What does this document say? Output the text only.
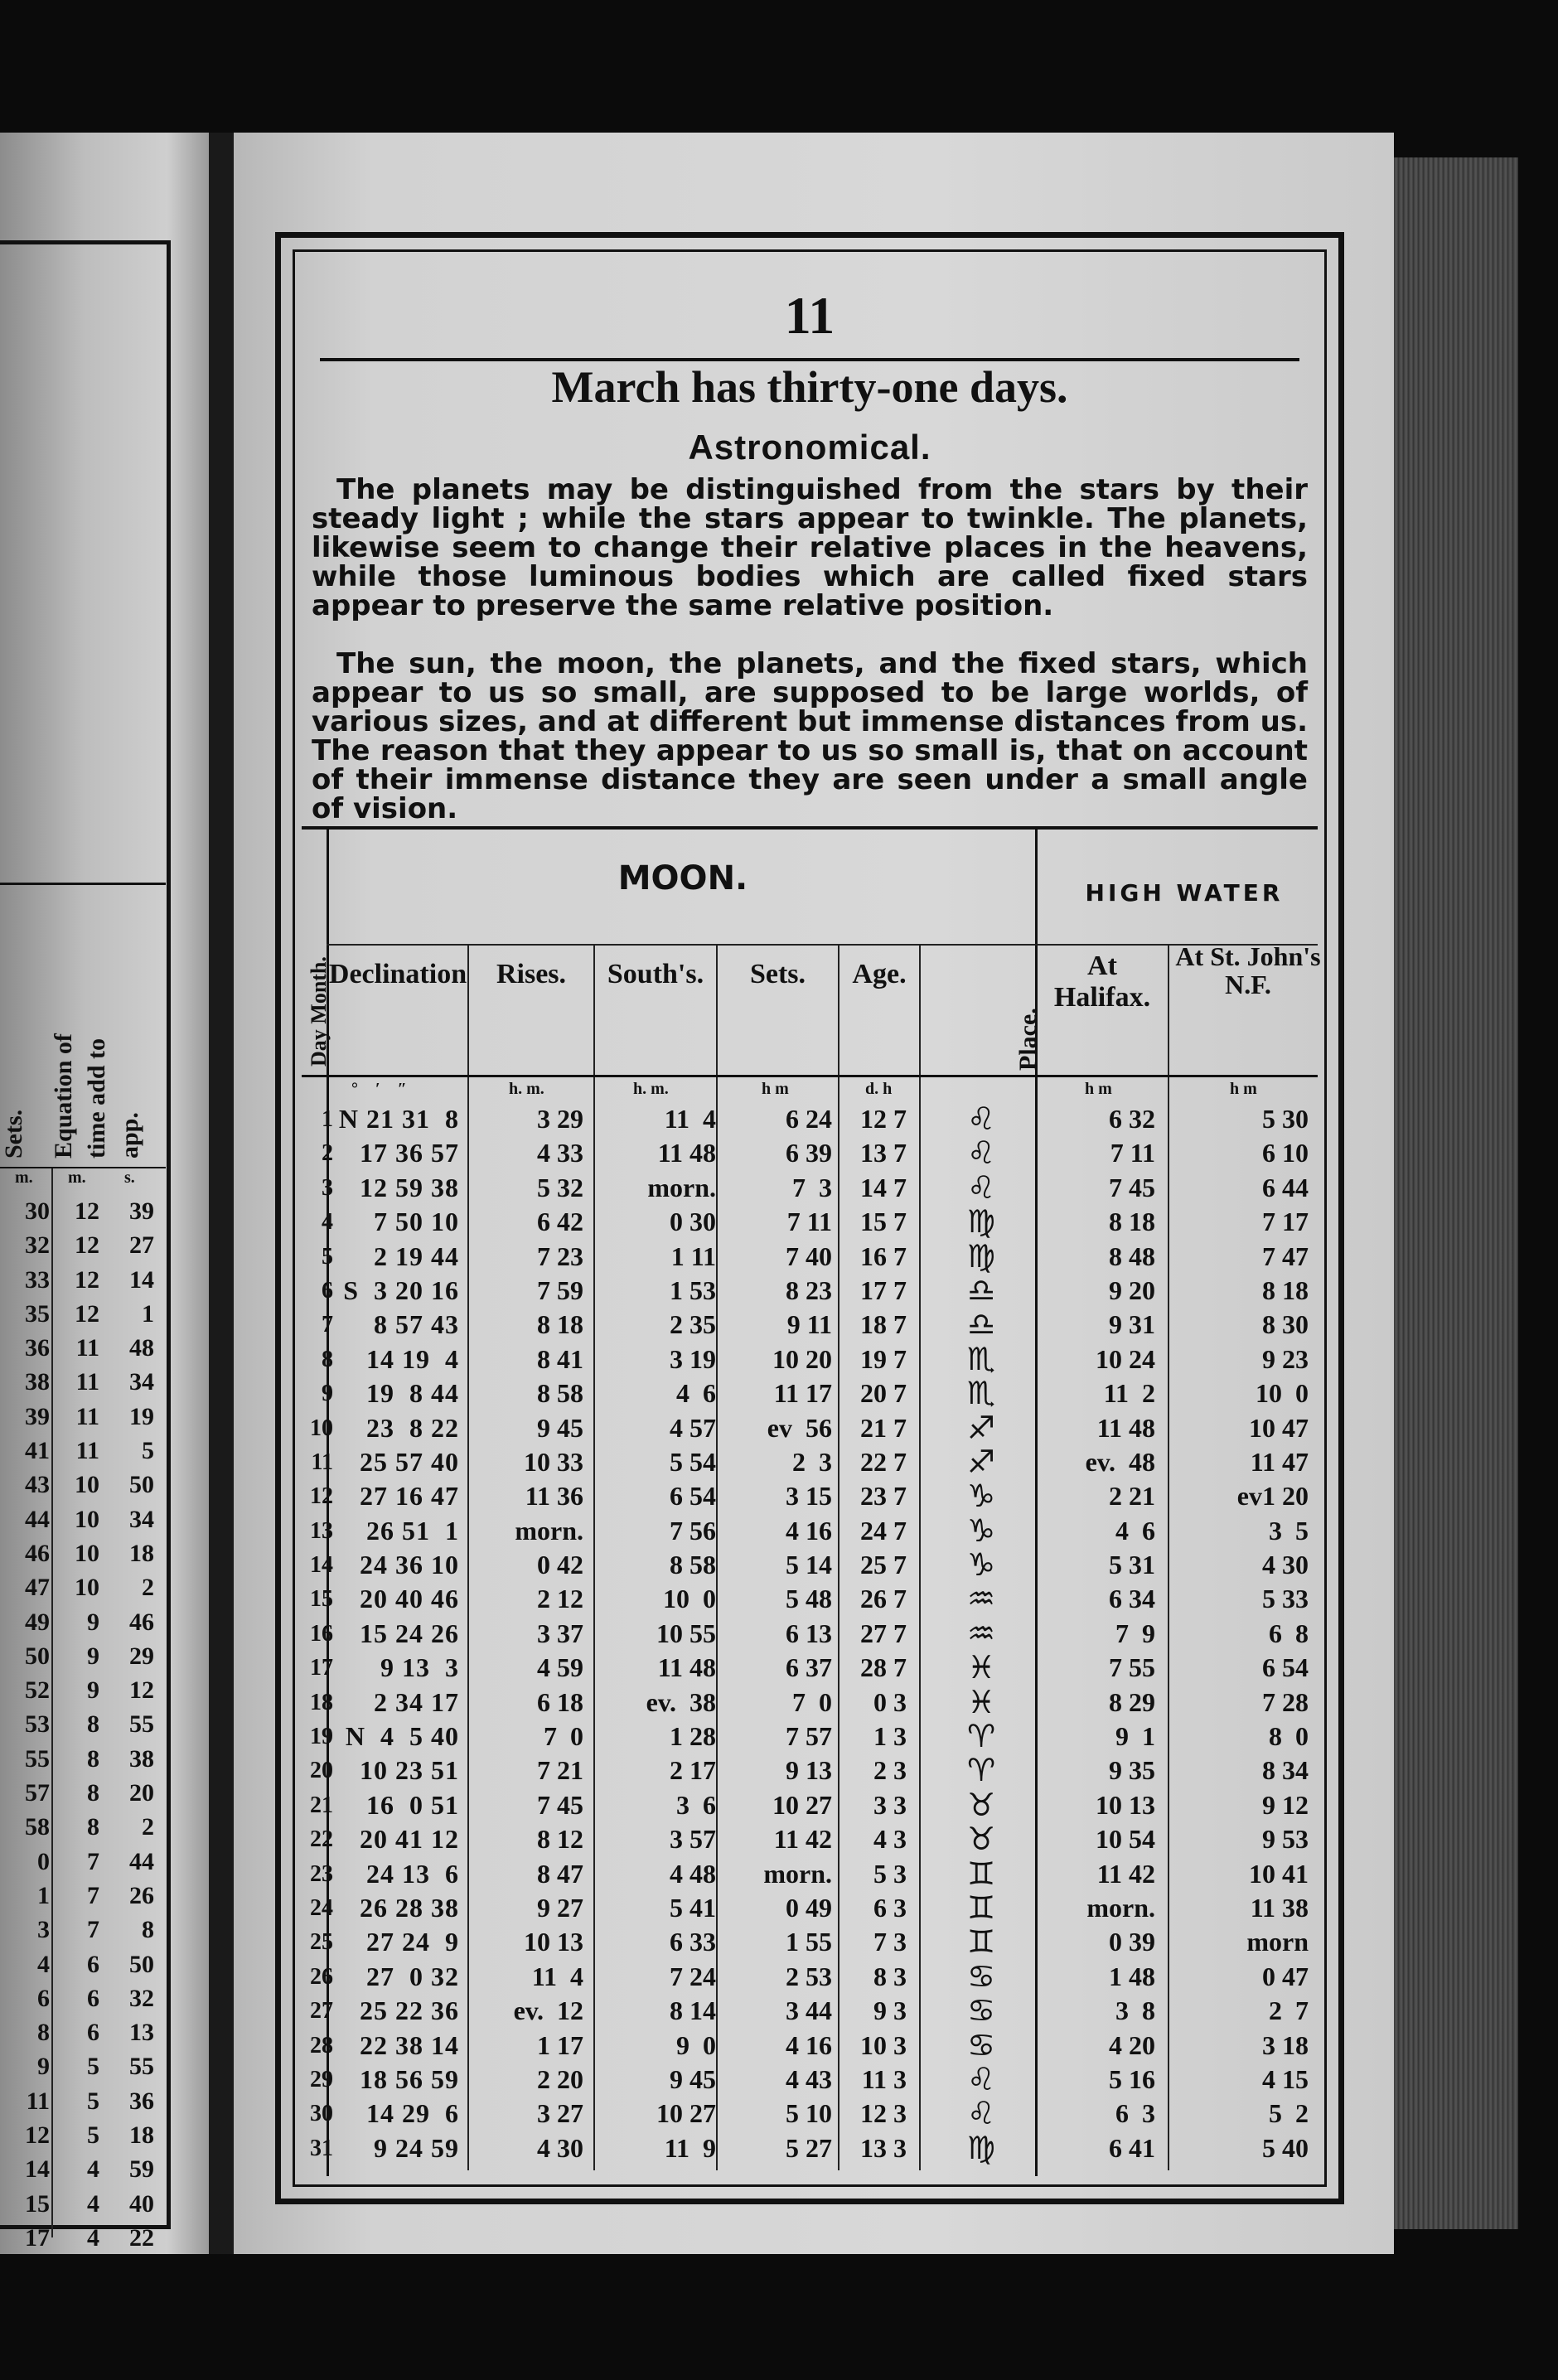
Sets. Equation of time add to app.
m. m. s.
30 12 39
32 12 27
33 12 14
35 12 1
36 11 48
38 11 34
39 11 19
41 11 5
43 10 50
44 10 34
46 10 18
47 10 2
49 9 46
50 9 29
52 9 12
53 8 55
55 8 38
57 8 20
58 8 2
0 7 44
1 7 26
3 7 8
4 6 50
6 6 32
8 6 13
9 5 55
11 5 36
12 5 18
14 4 59
15 4 40
17 4 22
11
March has thirty-one days.
Astronomical.
The planets may be distinguished from the stars by their steady light ; while the stars appear to twinkle. The planets, likewise seem to change their relative places in the heavens, while those luminous bodies which are called fixed stars appear to preserve the same relative position.
The sun, the moon, the planets, and the fixed stars, which appear to us so small, are supposed to be large worlds, of various sizes, and at different but immense distances from us. The reason that they appear to us so small is, that on account of their immense distance they are seen under a small angle of vision.
MOON.	HIGH WATER
Day Month.
Declination	Rises.	South's.	Sets.	Age.
Place.
At Halifax.
At St. John's N.F.
° ′ ″	h. m.	h. m.	h m	d. h	h m	h m
1 N 21 31  8	3 29	11  4	6 24	12 7	♌	6 32	5 30
2	17 36 57	4 33	11 48	6 39	13 7	♌	7 11	6 10
3	12 59 38	5 32	morn.	7  3	14 7	♌	7 45	6 44
4	7 50 10	6 42	0 30	7 11	15 7	♍	8 18	7 17
5	2 19 44	7 23	1 11	7 40	16 7	♍	8 48	7 47
6 S  3 20 16	7 59	1 53	8 23	17 7	♎	9 20	8 18
7	8 57 43	8 18	2 35	9 11	18 7	♎	9 31	8 30
8	14 19  4	8 41	3 19	10 20	19 7	♏	10 24	9 23
9	19  8 44	8 58	4  6	11 17	20 7	♏	11  2	10  0
10	23  8 22	9 45	4 57	ev  56	21 7	♐	11 48	10 47
11	25 57 40	10 33	5 54	2  3	22 7	♐	ev.  48	11 47
12	27 16 47	11 36	6 54	3 15	23 7	♑	2 21	ev1 20
13	26 51  1	morn.	7 56	4 16	24 7	♑	4  6	3  5
14	24 36 10	0 42	8 58	5 14	25 7	♑	5 31	4 30
15	20 40 46	2 12	10  0	5 48	26 7	♒	6 34	5 33
16	15 24 26	3 37	10 55	6 13	27 7	♒	7  9	6  8
17	9 13  3	4 59	11 48	6 37	28 7	♓	7 55	6 54
18	2 34 17	6 18	ev.  38	7  0	0 3	♓	8 29	7 28
19 N  4  5 40	7  0	1 28	7 57	1 3	♈	9  1	8  0
20	10 23 51	7 21	2 17	9 13	2 3	♈	9 35	8 34
21	16  0 51	7 45	3  6	10 27	3 3	♉	10 13	9 12
22	20 41 12	8 12	3 57	11 42	4 3	♉	10 54	9 53
23	24 13  6	8 47	4 48	morn.	5 3	♊	11 42	10 41
24	26 28 38	9 27	5 41	0 49	6 3	♊	morn.	11 38
25	27 24  9	10 13	6 33	1 55	7 3	♊	0 39	morn
26	27  0 32	11  4	7 24	2 53	8 3	♋	1 48	0 47
27	25 22 36	ev.  12	8 14	3 44	9 3	♋	3  8	2  7
28	22 38 14	1 17	9  0	4 16	10 3	♋	4 20	3 18
29	18 56 59	2 20	9 45	4 43	11 3	♌	5 16	4 15
30	14 29  6	3 27	10 27	5 10	12 3	♌	6  3	5  2
31	9 24 59	4 30	11  9	5 27	13 3	♍	6 41	5 40
